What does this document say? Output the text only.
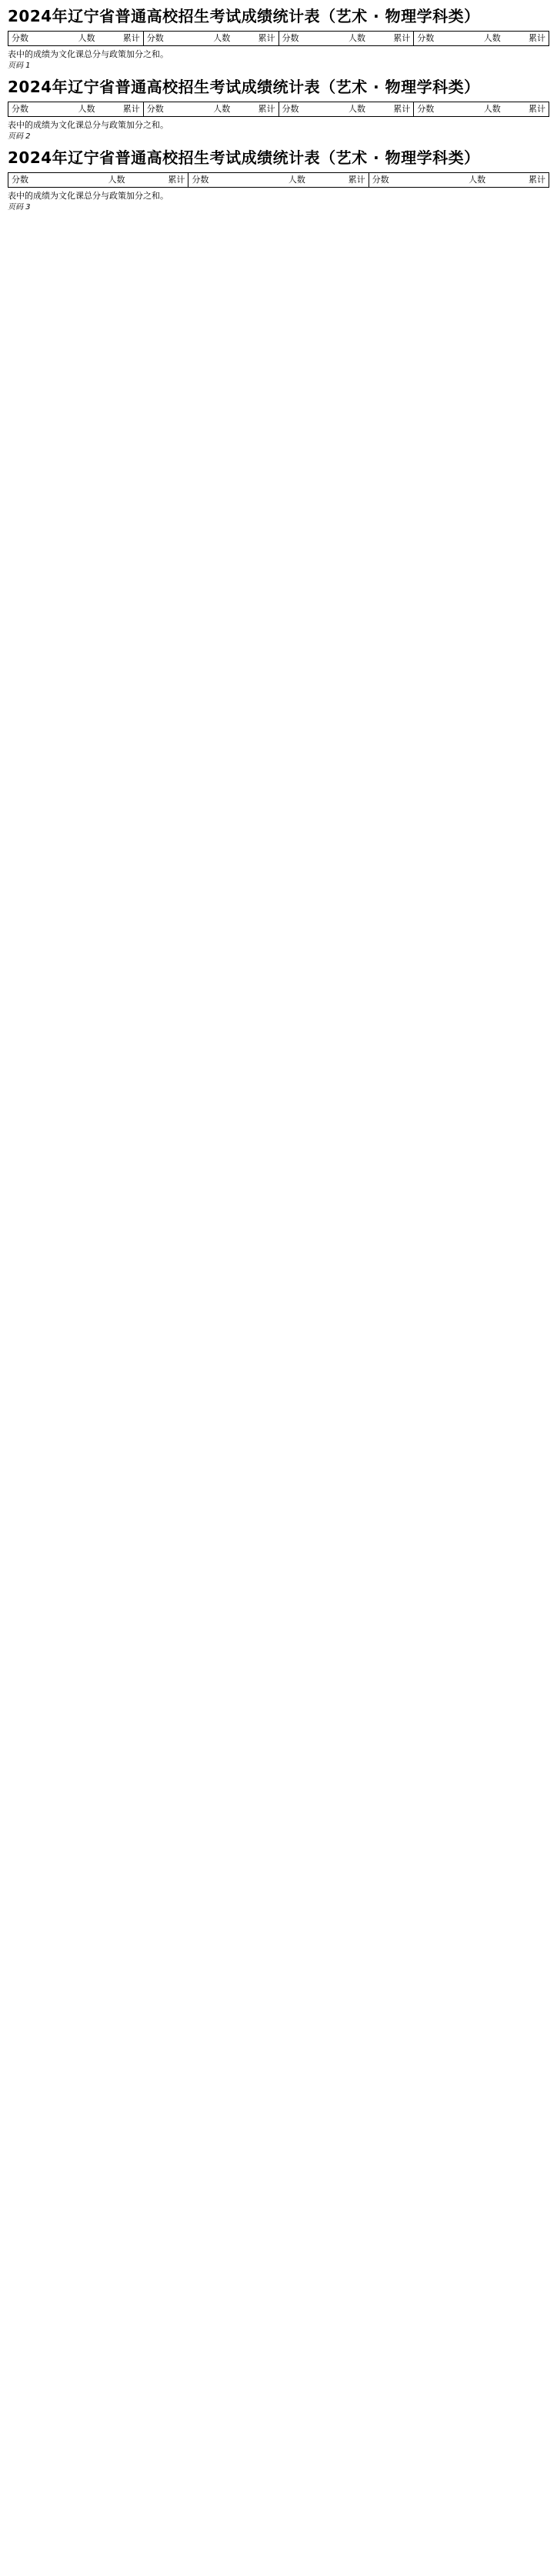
2024年辽宁省普通高校招生考试成绩统计表（艺术 · 物理学科类）
分数	人数	累计 分数	人数	累计 分数	人数	累计 分数	人数	累计

表中的成绩为文化课总分与政策加分之和。

页码 1

2024年辽宁省普通高校招生考试成绩统计表（艺术 · 物理学科类）
分数	人数	累计 分数	人数	累计 分数	人数	累计 分数	人数	累计

表中的成绩为文化课总分与政策加分之和。

页码 2

2024年辽宁省普通高校招生考试成绩统计表（艺术 · 物理学科类）
分数	人数	累计 分数	人数	累计 分数	人数	累计

表中的成绩为文化课总分与政策加分之和。

页码 3
